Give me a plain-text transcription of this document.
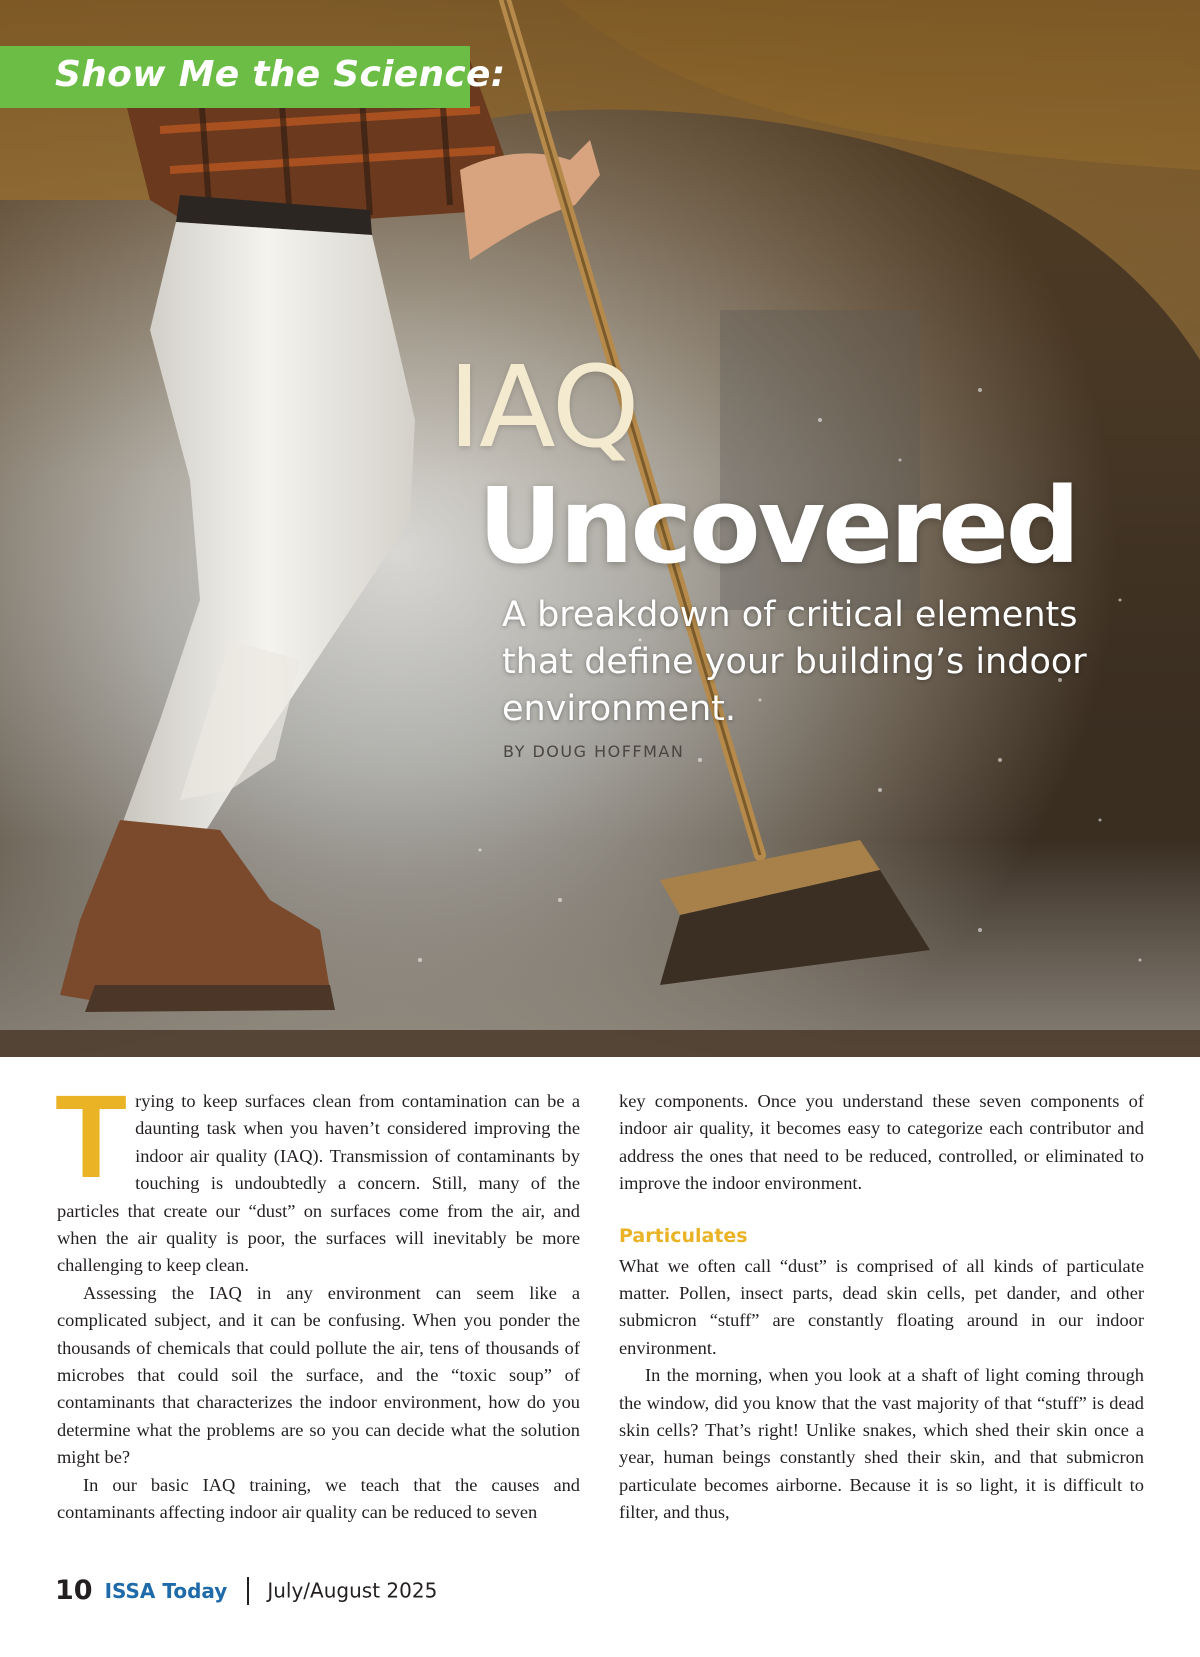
Show Me the Science:
IAQ
Uncovered
A breakdown of critical elements that define your building’s indoor environment.
BY DOUG HOFFMAN

Trying to keep surfaces clean from contamination can be a daunting task when you haven’t considered improving the indoor air quality (IAQ). Transmission of contaminants by touching is undoubtedly a concern. Still, many of the particles that create our “dust” on surfaces come from the air, and when the air quality is poor, the surfaces will inevitably be more challenging to keep clean.

Assessing the IAQ in any environment can seem like a complicated subject, and it can be confusing. When you ponder the thousands of chemicals that could pollute the air, tens of thousands of microbes that could soil the surface, and the “toxic soup” of contaminants that characterizes the indoor environment, how do you determine what the problems are so you can decide what the solution might be?

In our basic IAQ training, we teach that the causes and contaminants affecting indoor air quality can be reduced to seven

key components. Once you understand these seven components of indoor air quality, it becomes easy to categorize each contributor and address the ones that need to be reduced, controlled, or eliminated to improve the indoor environment.

Particulates

What we often call “dust” is comprised of all kinds of particulate matter. Pollen, insect parts, dead skin cells, pet dander, and other submicron “stuff” are constantly floating around in our indoor environment.

In the morning, when you look at a shaft of light coming through the window, did you know that the vast majority of that “stuff” is dead skin cells? That’s right! Unlike snakes, which shed their skin once a year, human beings constantly shed their skin, and that submicron particulate becomes airborne. Because it is so light, it is difficult to filter, and thus,

10 ISSA Today July/August 2025
